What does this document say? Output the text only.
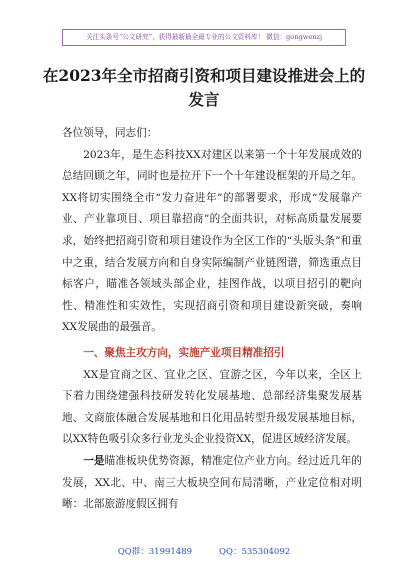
关注头条号“公文研究”，获得最新最全最专业的公文资料库！ 微信：gongwenzj
在2023年全市招商引资和项目建设推进会上的发言

各位领导，同志们：

2023年，是生态科技XX对建区以来第一个十年发展成效的总结回顾之年，同时也是拉开下一个十年建设框架的开局之年。XX将切实围绕全市“发力奋进年”的部署要求，形成“发展靠产业、产业靠项目、项目靠招商”的全面共识，对标高质量发展要求，始终把招商引资和项目建设作为全区工作的“头版头条”和重中之重，结合发展方向和自身实际编制产业链图谱，筛选重点目标客户，瞄准各领域头部企业，挂图作战，以项目招引的靶向性、精准性和实效性，实现招商引资和项目建设新突破，奏响XX发展曲的最强音。

一、聚焦主攻方向，实施产业项目精准招引

XX是宜商之区、宜业之区、宜游之区，今年以来，全区上下着力围绕建强科技研发转化发展基地、总部经济集聚发展基地、文商旅体融合发展基地和日化用品转型升级发展基地目标，以XX特色吸引众多行业龙头企业投资XX，促进区域经济发展。

一是瞄准板块优势资源，精准定位产业方向。经过近几年的发展，XX北、中、南三大板块空间布局清晰，产业定位相对明晰：北部旅游度假区拥有

QQ群：31991489          QQ：535304092
